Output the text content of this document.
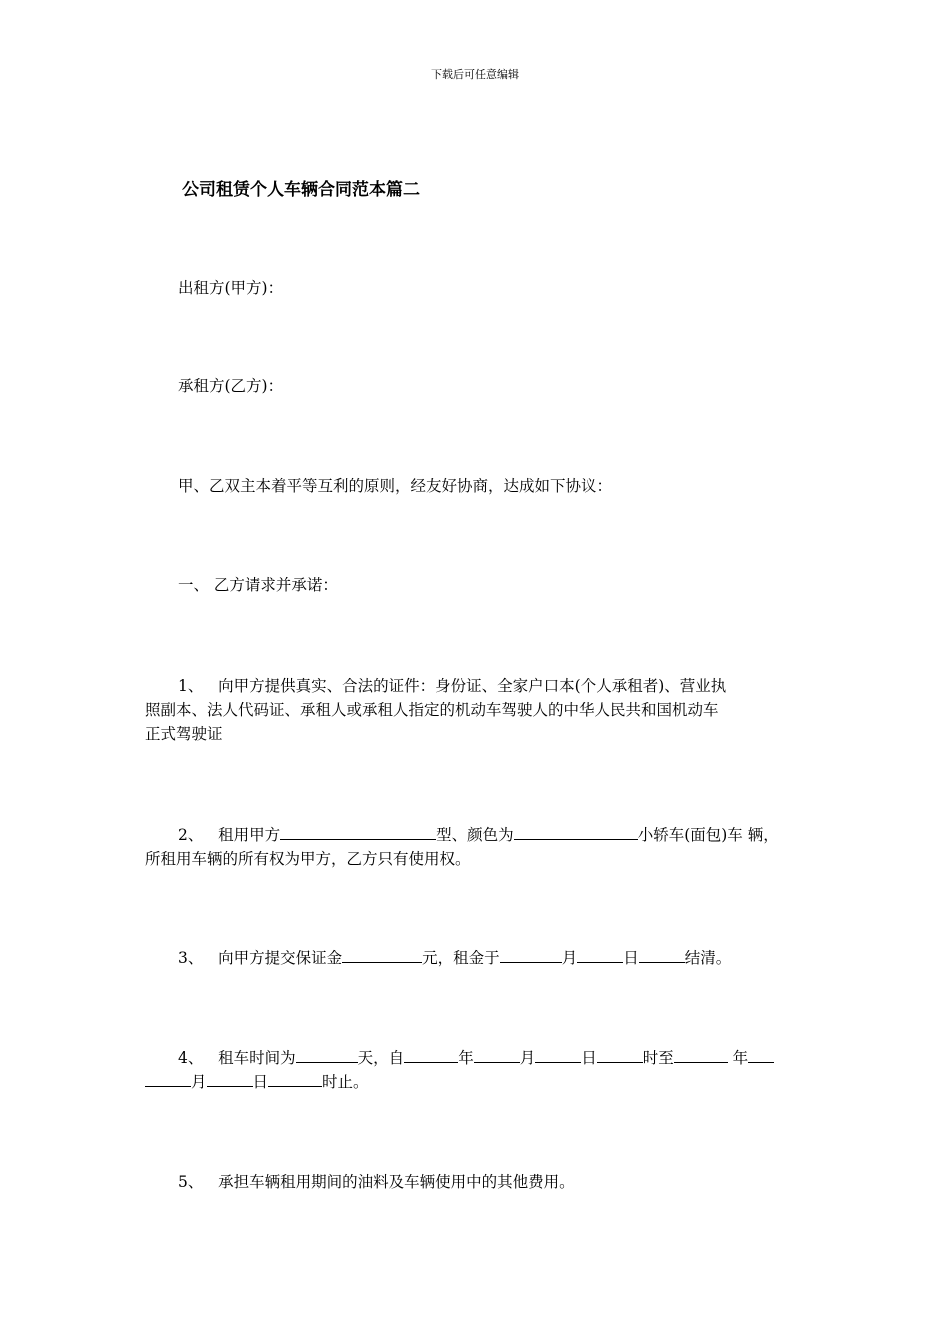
下载后可任意编辑
公司租赁个人车辆合同范本篇二
出租方(甲方)：
承租方(乙方)：
甲、乙双主本着平等互利的原则，经友好协商，达成如下协议：
一、 乙方请求并承诺：
1、 向甲方提供真实、合法的证件：身份证、全家户口本(个人承租者)、营业执
照副本、法人代码证、承租人或承租人指定的机动车驾驶人的中华人民共和国机动车
正式驾驶证
2、 租用甲方	型、颜色为	小轿车(面包)车 辆，
所租用车辆的所有权为甲方，乙方只有使用权。
3、 向甲方提交保证金	元，租金于	月	日	结清。
4、 租车时间为	天，自	年	月	日	时至	年
月	日	时止。
5、 承担车辆租用期间的油料及车辆使用中的其他费用。
